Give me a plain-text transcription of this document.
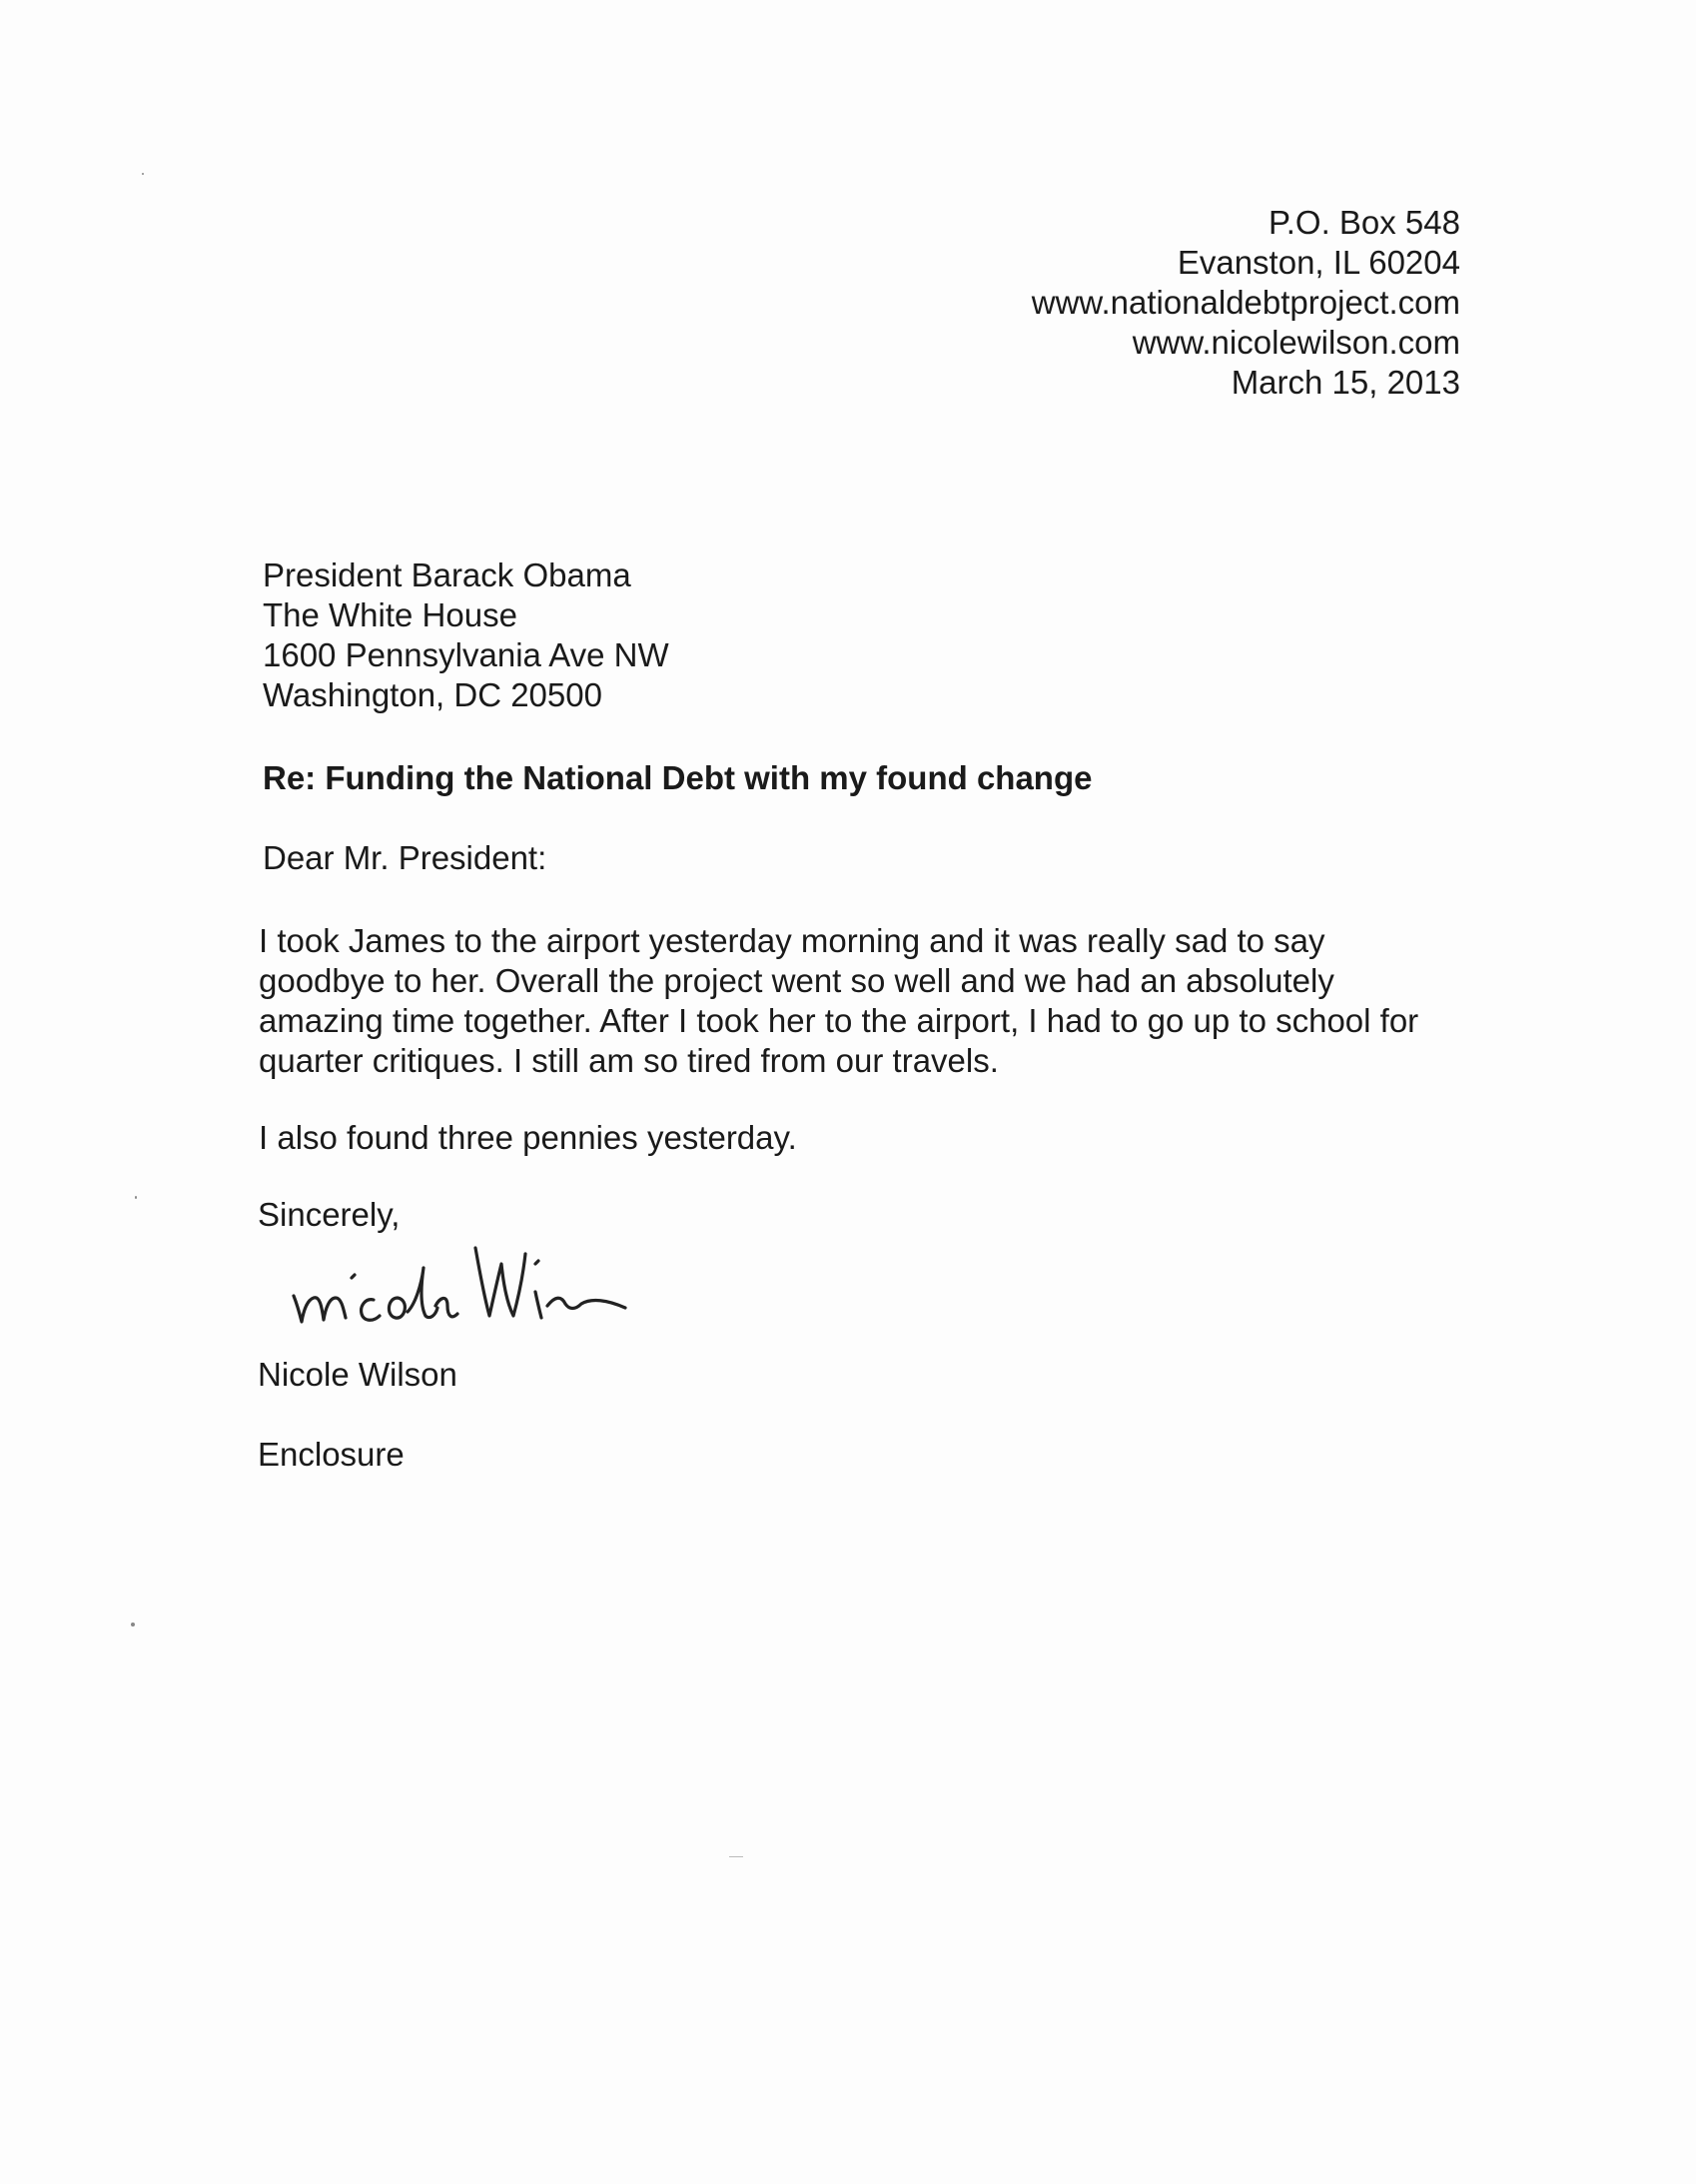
P.O. Box 548
Evanston, IL 60204
www.nationaldebtproject.com
www.nicolewilson.com
March 15, 2013
President Barack Obama
The White House
1600 Pennsylvania Ave NW
Washington, DC 20500
Re: Funding the National Debt with my found change
Dear Mr. President:
I took James to the airport yesterday morning and it was really sad to say
goodbye to her. Overall the project went so well and we had an absolutely
amazing time together. After I took her to the airport, I had to go up to school for
quarter critiques. I still am so tired from our travels.
I also found three pennies yesterday.
Sincerely,
Nicole Wilson
Enclosure
